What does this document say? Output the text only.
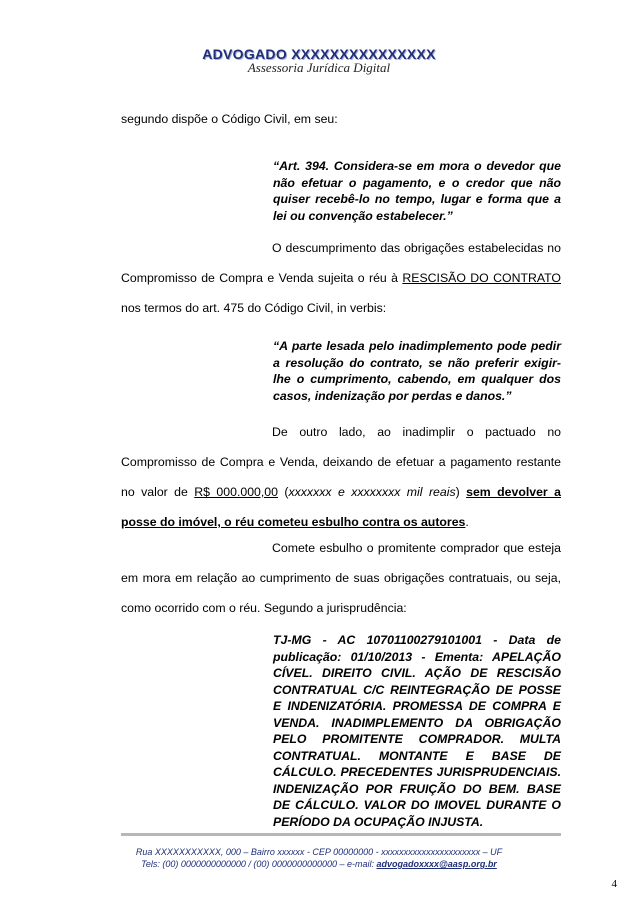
ADVOGADO XXXXXXXXXXXXXXX
Assessoria Jurídica Digital
segundo dispõe o Código Civil, em seu:
“Art. 394. Considera-se em mora o devedor que não efetuar o pagamento, e o credor que não quiser recebê-lo no tempo, lugar e forma que a lei ou convenção estabelecer.”
O descumprimento das obrigações estabelecidas no Compromisso de Compra e Venda sujeita o réu à RESCISÃO DO CONTRATO nos termos do art. 475 do Código Civil, in verbis:
“A parte lesada pelo inadimplemento pode pedir a resolução do contrato, se não preferir exigir-lhe o cumprimento, cabendo, em qualquer dos casos, indenização por perdas e danos.”
De outro lado, ao inadimplir o pactuado no Compromisso de Compra e Venda, deixando de efetuar a pagamento restante no valor de R$ 000.000,00 (xxxxxxx e xxxxxxxx mil reais) sem devolver a posse do imóvel, o réu cometeu esbulho contra os autores.
Comete esbulho o promitente comprador que esteja em mora em relação ao cumprimento de suas obrigações contratuais, ou seja, como ocorrido com o réu. Segundo a jurisprudência:
TJ-MG - AC 10701100279101001 - Data de publicação: 01/10/2013 - Ementa: APELAÇÃO CÍVEL. DIREITO CIVIL. AÇÃO DE RESCISÃO CONTRATUAL C/C REINTEGRAÇÃO DE POSSE E INDENIZATÓRIA. PROMESSA DE COMPRA E VENDA. INADIMPLEMENTO DA OBRIGAÇÃO PELO PROMITENTE COMPRADOR. MULTA CONTRATUAL. MONTANTE E BASE DE CÁLCULO. PRECEDENTES JURISPRUDENCIAIS. INDENIZAÇÃO POR FRUIÇÃO DO BEM. BASE DE CÁLCULO. VALOR DO IMOVEL DURANTE O PERÍODO DA OCUPAÇÃO INJUSTA.
Rua XXXXXXXXXXX, 000 – Bairro xxxxxx - CEP 00000000 - xxxxxxxxxxxxxxxxxxxxxx – UF
Tels: (00) 0000000000000 / (00) 0000000000000 – e-mail: advogadoxxxx@aasp.org.br
4
